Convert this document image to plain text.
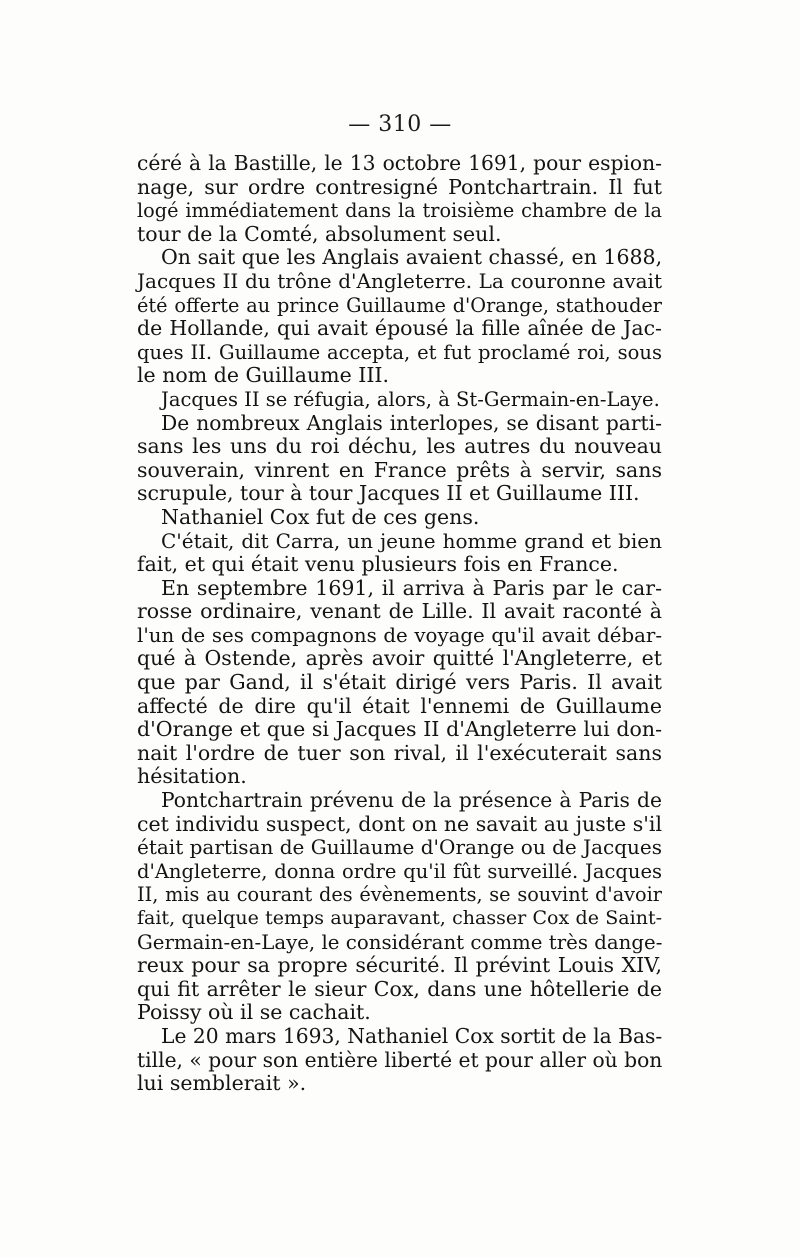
— 310 —
céré à la Bastille, le 13 octobre 1691, pour espion-
nage, sur ordre contresigné Pontchartrain. Il fut
logé immédiatement dans la troisième chambre de la
tour de la Comté, absolument seul.
On sait que les Anglais avaient chassé, en 1688,
Jacques II du trône d'Angleterre. La couronne avait
été offerte au prince Guillaume d'Orange, stathouder
de Hollande, qui avait épousé la fille aînée de Jac-
ques II. Guillaume accepta, et fut proclamé roi, sous
le nom de Guillaume III.
Jacques II se réfugia, alors, à St-Germain-en-Laye.
De nombreux Anglais interlopes, se disant parti-
sans les uns du roi déchu, les autres du nouveau
souverain, vinrent en France prêts à servir, sans
scrupule, tour à tour Jacques II et Guillaume III.
Nathaniel Cox fut de ces gens.
C'était, dit Carra, un jeune homme grand et bien
fait, et qui était venu plusieurs fois en France.
En septembre 1691, il arriva à Paris par le car-
rosse ordinaire, venant de Lille. Il avait raconté à
l'un de ses compagnons de voyage qu'il avait débar-
qué à Ostende, après avoir quitté l'Angleterre, et
que par Gand, il s'était dirigé vers Paris. Il avait
affecté de dire qu'il était l'ennemi de Guillaume
d'Orange et que si Jacques II d'Angleterre lui don-
nait l'ordre de tuer son rival, il l'exécuterait sans
hésitation.
Pontchartrain prévenu de la présence à Paris de
cet individu suspect, dont on ne savait au juste s'il
était partisan de Guillaume d'Orange ou de Jacques
d'Angleterre, donna ordre qu'il fût surveillé. Jacques
II, mis au courant des évènements, se souvint d'avoir
fait, quelque temps auparavant, chasser Cox de Saint-
Germain-en-Laye, le considérant comme très dange-
reux pour sa propre sécurité. Il prévint Louis XIV,
qui fit arrêter le sieur Cox, dans une hôtellerie de
Poissy où il se cachait.
Le 20 mars 1693, Nathaniel Cox sortit de la Bas-
tille, « pour son entière liberté et pour aller où bon
lui semblerait ».
